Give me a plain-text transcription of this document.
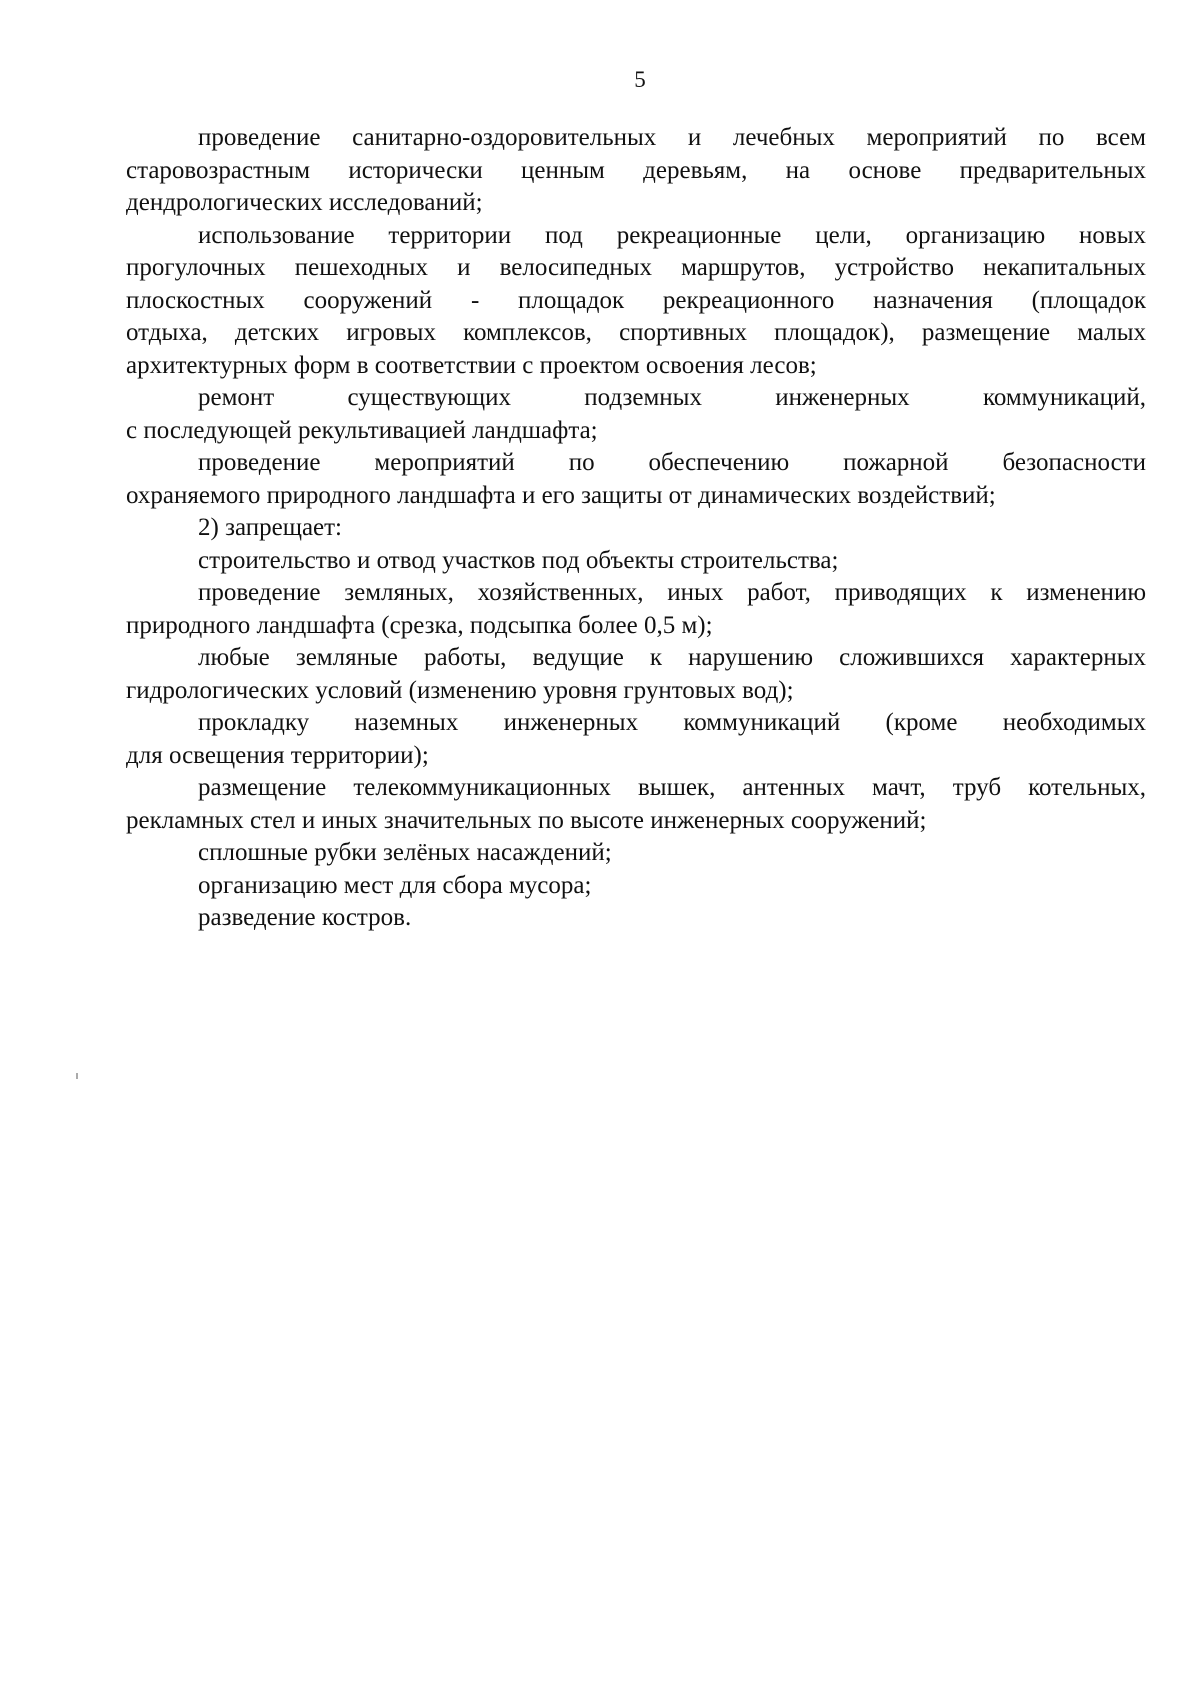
5

проведение санитарно-оздоровительных и лечебных мероприятий по всем
старовозрастным исторически ценным деревьям, на основе предварительных
дендрологических исследований;

использование территории под рекреационные цели, организацию новых
прогулочных пешеходных и велосипедных маршрутов, устройство некапитальных
плоскостных сооружений - площадок рекреационного назначения (площадок
отдыха, детских игровых комплексов, спортивных площадок), размещение малых
архитектурных форм в соответствии с проектом освоения лесов;

ремонт существующих подземных инженерных коммуникаций,
с последующей рекультивацией ландшафта;

проведение мероприятий по обеспечению пожарной безопасности
охраняемого природного ландшафта и его защиты от динамических воздействий;

2) запрещает:

строительство и отвод участков под объекты строительства;

проведение земляных, хозяйственных, иных работ, приводящих к изменению
природного ландшафта (срезка, подсыпка более 0,5 м);

любые земляные работы, ведущие к нарушению сложившихся характерных
гидрологических условий (изменению уровня грунтовых вод);

прокладку наземных инженерных коммуникаций (кроме необходимых
для освещения территории);

размещение телекоммуникационных вышек, антенных мачт, труб котельных,
рекламных стел и иных значительных по высоте инженерных сооружений;

сплошные рубки зелёных насаждений;

организацию мест для сбора мусора;

разведение костров.
